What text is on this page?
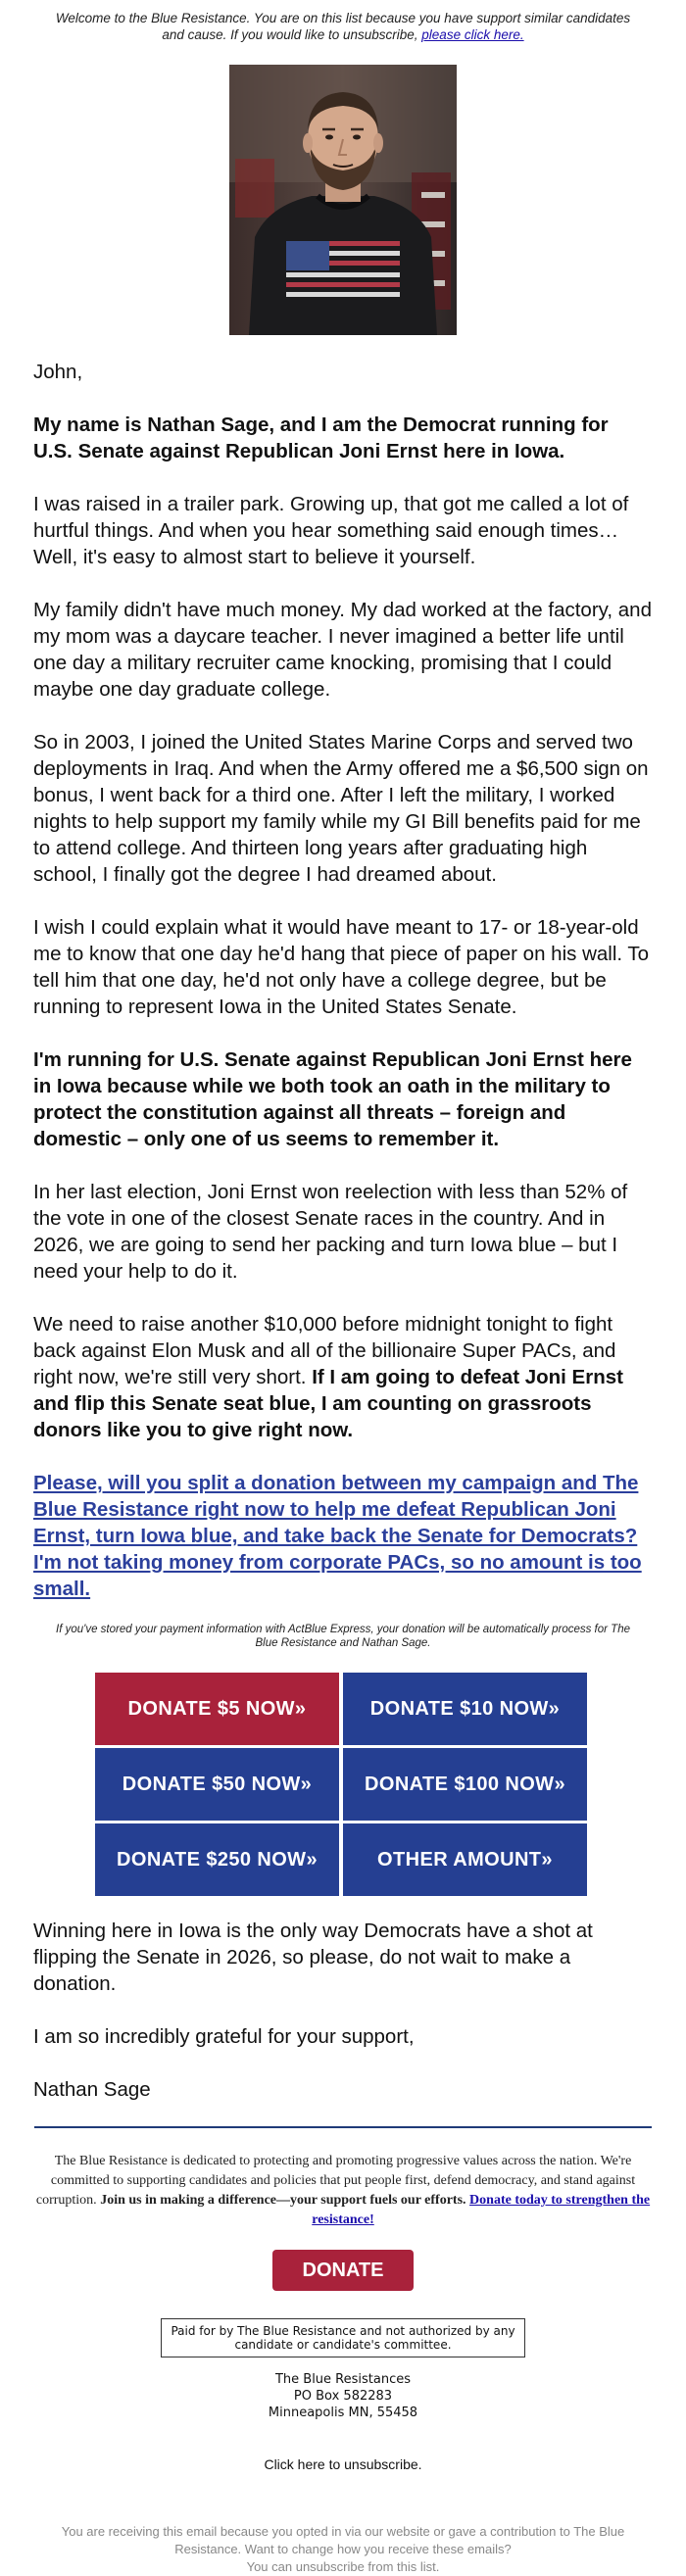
Welcome to the Blue Resistance. You are on this list because you have support similar candidates and cause. If you would like to unsubscribe, please click here.

John,

My name is Nathan Sage, and I am the Democrat running for U.S. Senate against Republican Joni Ernst here in Iowa.

I was raised in a trailer park. Growing up, that got me called a lot of hurtful things. And when you hear something said enough times… Well, it's easy to almost start to believe it yourself.

My family didn't have much money. My dad worked at the factory, and my mom was a daycare teacher. I never imagined a better life until one day a military recruiter came knocking, promising that I could maybe one day graduate college.

So in 2003, I joined the United States Marine Corps and served two deployments in Iraq. And when the Army offered me a $6,500 sign on bonus, I went back for a third one. After I left the military, I worked nights to help support my family while my GI Bill benefits paid for me to attend college. And thirteen long years after graduating high school, I finally got the degree I had dreamed about.

I wish I could explain what it would have meant to 17- or 18-year-old me to know that one day he'd hang that piece of paper on his wall. To tell him that one day, he'd not only have a college degree, but be running to represent Iowa in the United States Senate.

I'm running for U.S. Senate against Republican Joni Ernst here in Iowa because while we both took an oath in the military to protect the constitution against all threats – foreign and domestic – only one of us seems to remember it.

In her last election, Joni Ernst won reelection with less than 52% of the vote in one of the closest Senate races in the country. And in 2026, we are going to send her packing and turn Iowa blue – but I need your help to do it.

We need to raise another $10,000 before midnight tonight to fight back against Elon Musk and all of the billionaire Super PACs, and right now, we're still very short. If I am going to defeat Joni Ernst and flip this Senate seat blue, I am counting on grassroots donors like you to give right now.

Please, will you split a donation between my campaign and The Blue Resistance right now to help me defeat Republican Joni Ernst, turn Iowa blue, and take back the Senate for Democrats? I'm not taking money from corporate PACs, so no amount is too small.

If you've stored your payment information with ActBlue Express, your donation will be automatically process for The Blue Resistance and Nathan Sage.
DONATE $5 NOW»	DONATE $10 NOW»
DONATE $50 NOW»	DONATE $100 NOW»
DONATE $250 NOW»	OTHER AMOUNT»

Winning here in Iowa is the only way Democrats have a shot at flipping the Senate in 2026, so please, do not wait to make a donation.

I am so incredibly grateful for your support,

Nathan Sage

The Blue Resistance is dedicated to protecting and promoting progressive values across the nation. We're committed to supporting candidates and policies that put people first, defend democracy, and stand against corruption. Join us in making a difference—your support fuels our efforts. Donate today to strengthen the resistance!
DONATE
Paid for by The Blue Resistance and not authorized by any candidate or candidate's committee.
The Blue Resistances
PO Box 582283
Minneapolis MN, 55458
Click here to unsubscribe.
You are receiving this email because you opted in via our website or gave a contribution to The Blue Resistance. Want to change how you receive these emails?
You can unsubscribe from this list.
